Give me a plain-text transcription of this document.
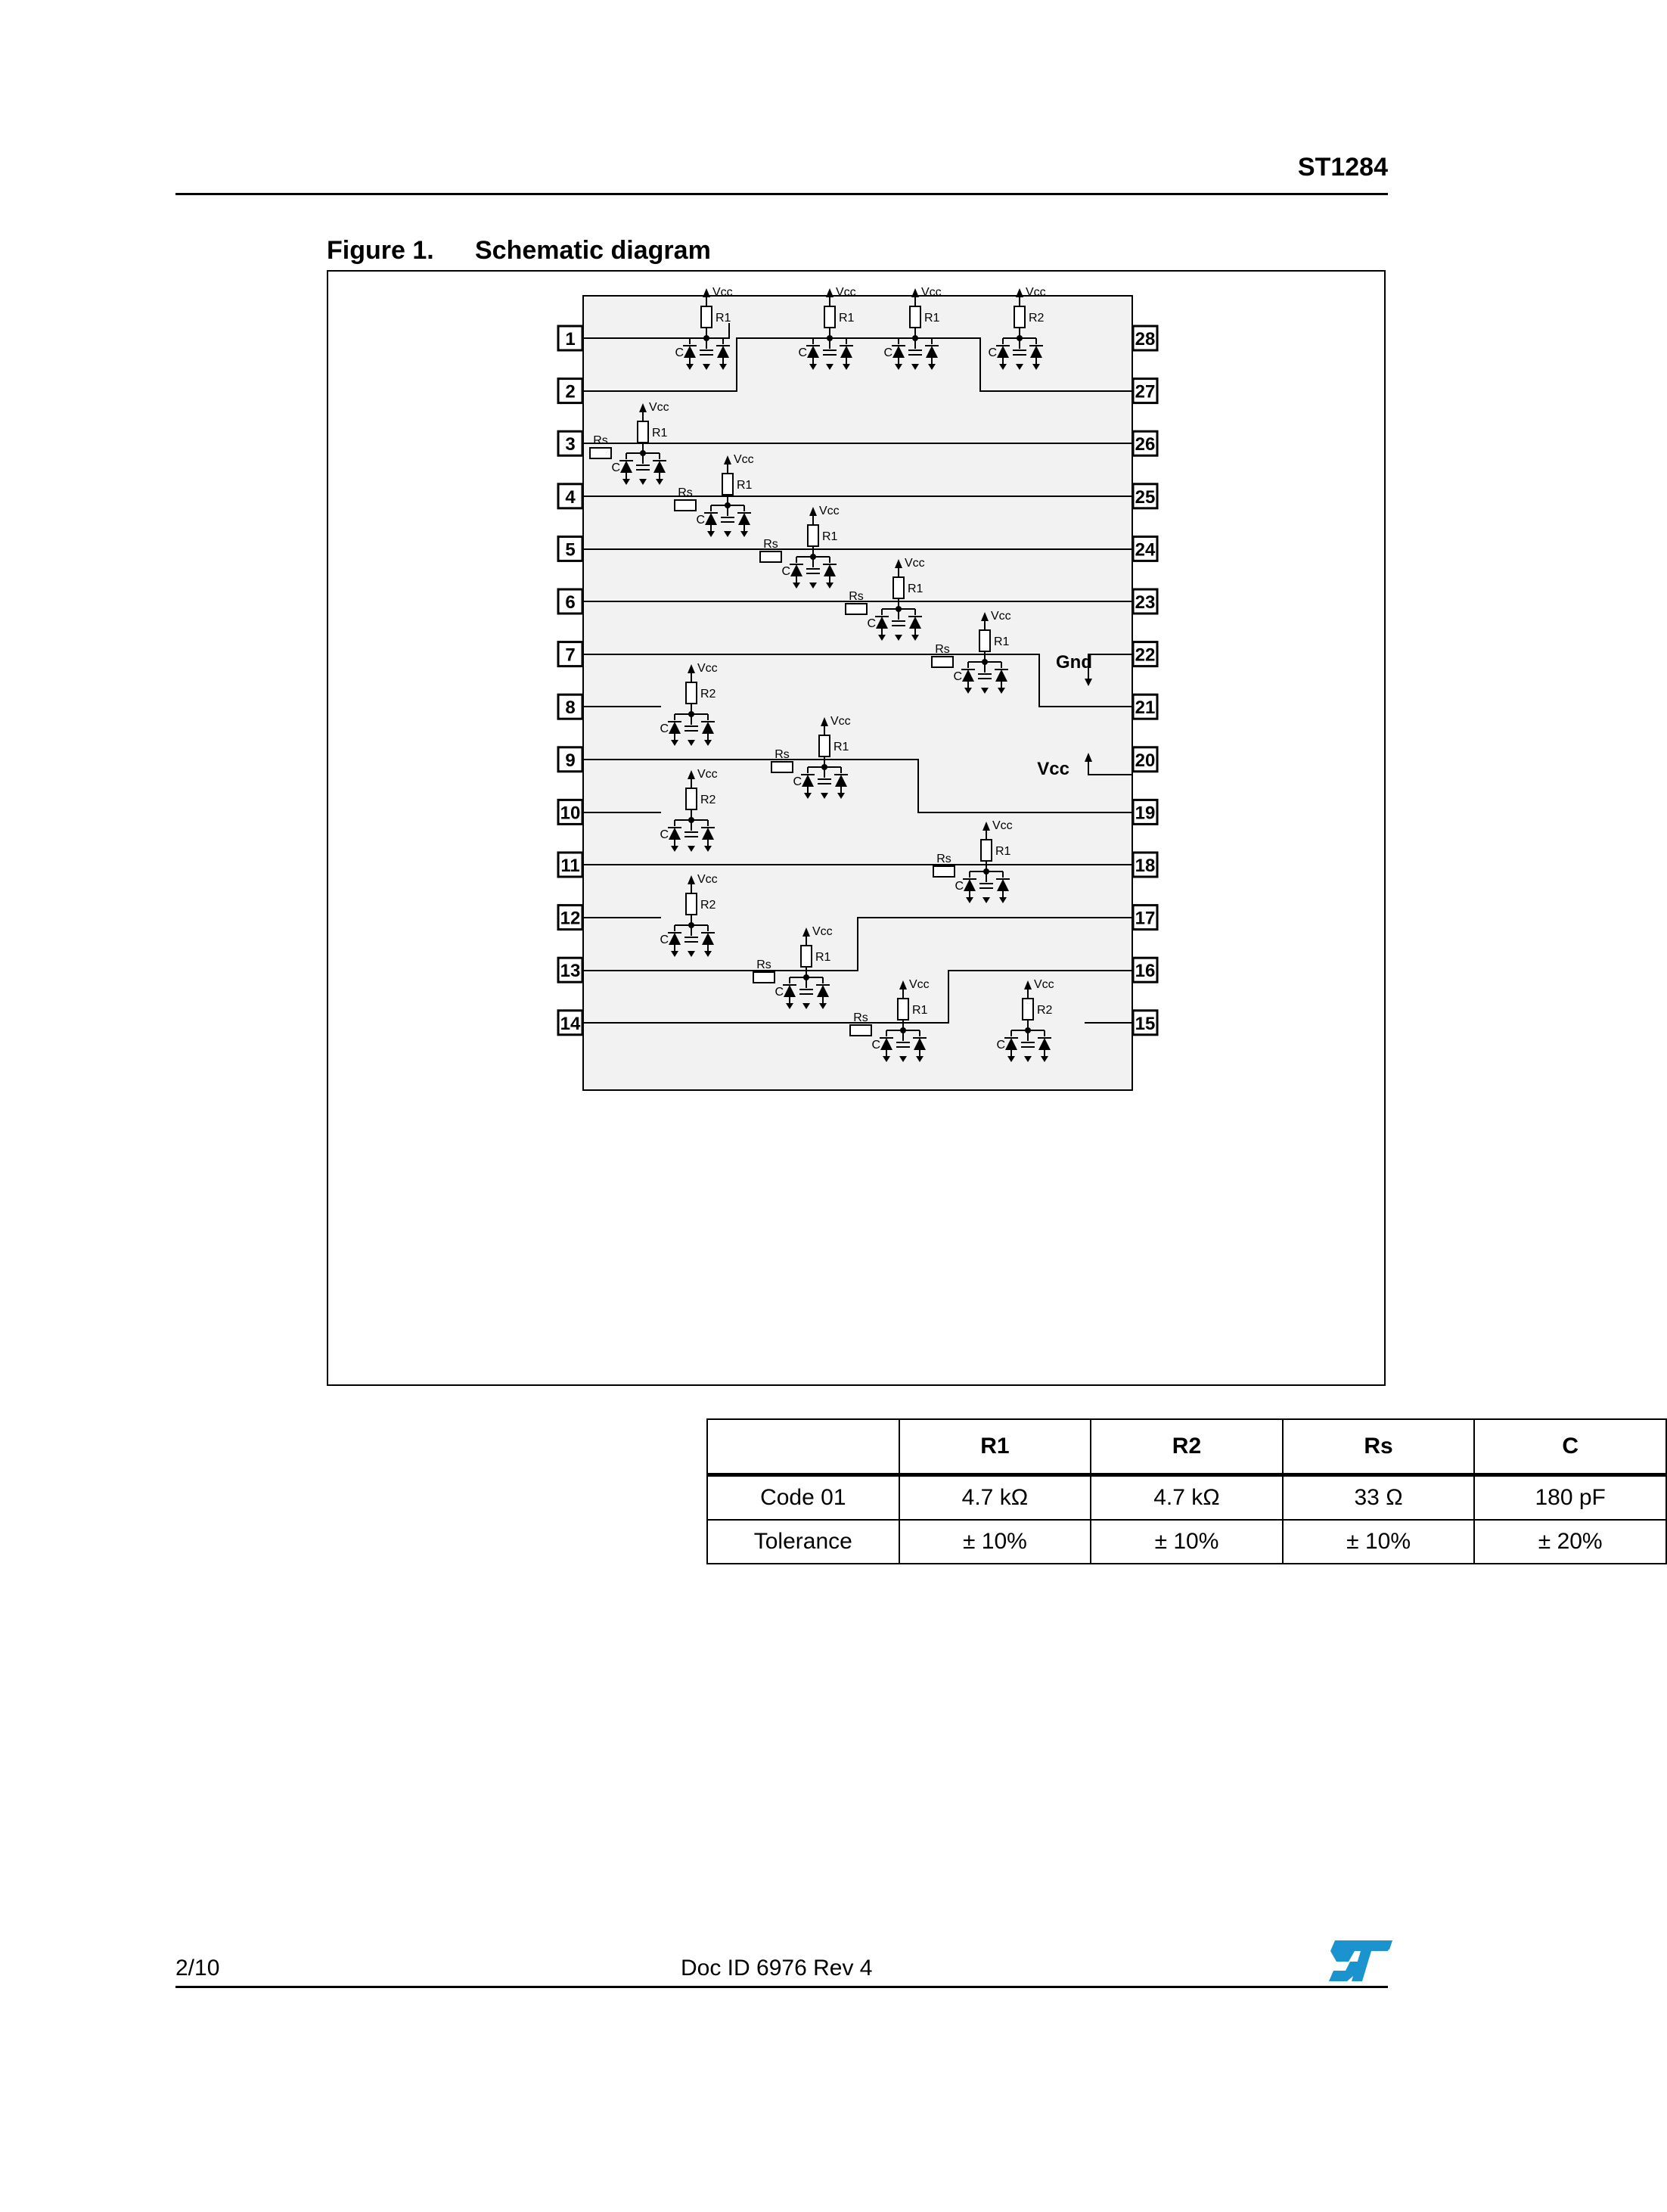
ST1284
Figure 1. Schematic diagram
Vcc
R1
C
Vcc
R1
C
Vcc
R1
C
Vcc
R2
C
Vcc
R1
C
Rs
Vcc
R1
C
Rs
Vcc
R1
C
Rs
Vcc
R1
C
Rs
Vcc
R1
C
Rs
Vcc
R1
C
Rs
Vcc
R1
C
Rs
Vcc
R1
C
Rs
Vcc
R1
C
Rs
Vcc
R2
C
Vcc
R2
C
Vcc
R2
C
Vcc
R2
C
1
2
3
4
5
6
7
8
9
10
11
12
13
14
28
27
26
25
24
23
22
21
20
19
18
17
16
15
Gnd
Vcc
	R1	R2	Rs	C
Code 01	4.7 kΩ	4.7 kΩ	33 Ω	180 pF
Tolerance	± 10%	± 10%	± 10%	± 20%
2/10	Doc ID 6976 Rev 4
